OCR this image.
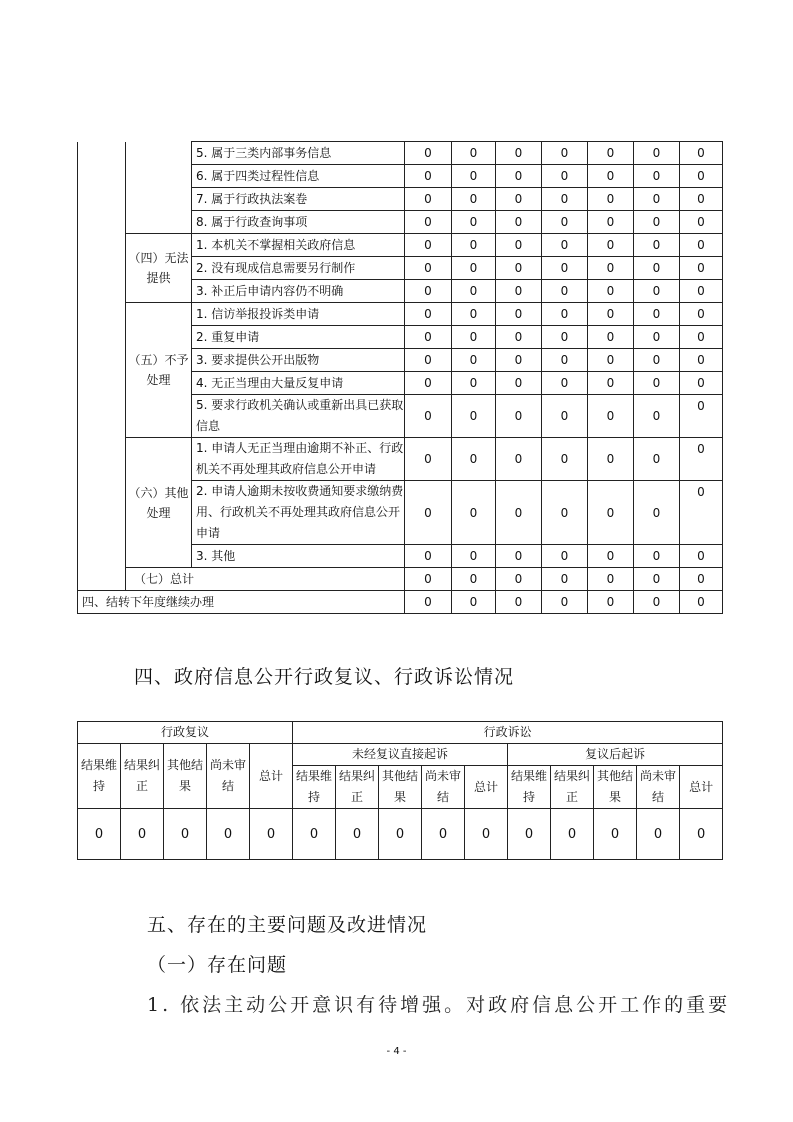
		5. 属于三类内部事务信息	0	0	0	0	0	0	0
		6. 属于四类过程性信息	0	0	0	0	0	0	0
		7. 属于行政执法案卷	0	0	0	0	0	0	0
		8. 属于行政查询事项	0	0	0	0	0	0	0
	（四）无法提供	1. 本机关不掌握相关政府信息	0	0	0	0	0	0	0
		2. 没有现成信息需要另行制作	0	0	0	0	0	0	0
		3. 补正后申请内容仍不明确	0	0	0	0	0	0	0
	（五）不予处理	1. 信访举报投诉类申请	0	0	0	0	0	0	0
		2. 重复申请	0	0	0	0	0	0	0
		3. 要求提供公开出版物	0	0	0	0	0	0	0
		4. 无正当理由大量反复申请	0	0	0	0	0	0	0
		5. 要求行政机关确认或重新出具已获取信息	0	0	0	0	0	0	0
	（六）其他处理	1. 申请人无正当理由逾期不补正、行政机关不再处理其政府信息公开申请	0	0	0	0	0	0	0
		2. 申请人逾期未按收费通知要求缴纳费用、行政机关不再处理其政府信息公开申请	0	0	0	0	0	0	0
		3. 其他	0	0	0	0	0	0	0
	（七）总计		0	0	0	0	0	0	0
四、结转下年度继续办理			0	0	0	0	0	0	0
四、政府信息公开行政复议、行政诉讼情况
行政复议					行政诉讼									
结果维持	结果纠正	其他结果	尚未审结	总计	未经复议直接起诉					复议后起诉				
					结果维持	结果纠正	其他结果	尚未审结	总计	结果维持	结果纠正	其他结果	尚未审结	总计
0	0	0	0	0	0	0	0	0	0	0	0	0	0	0
五、存在的主要问题及改进情况
（一）存在问题
1. 依法主动公开意识有待增强。对政府信息公开工作的重要
- 4 -
